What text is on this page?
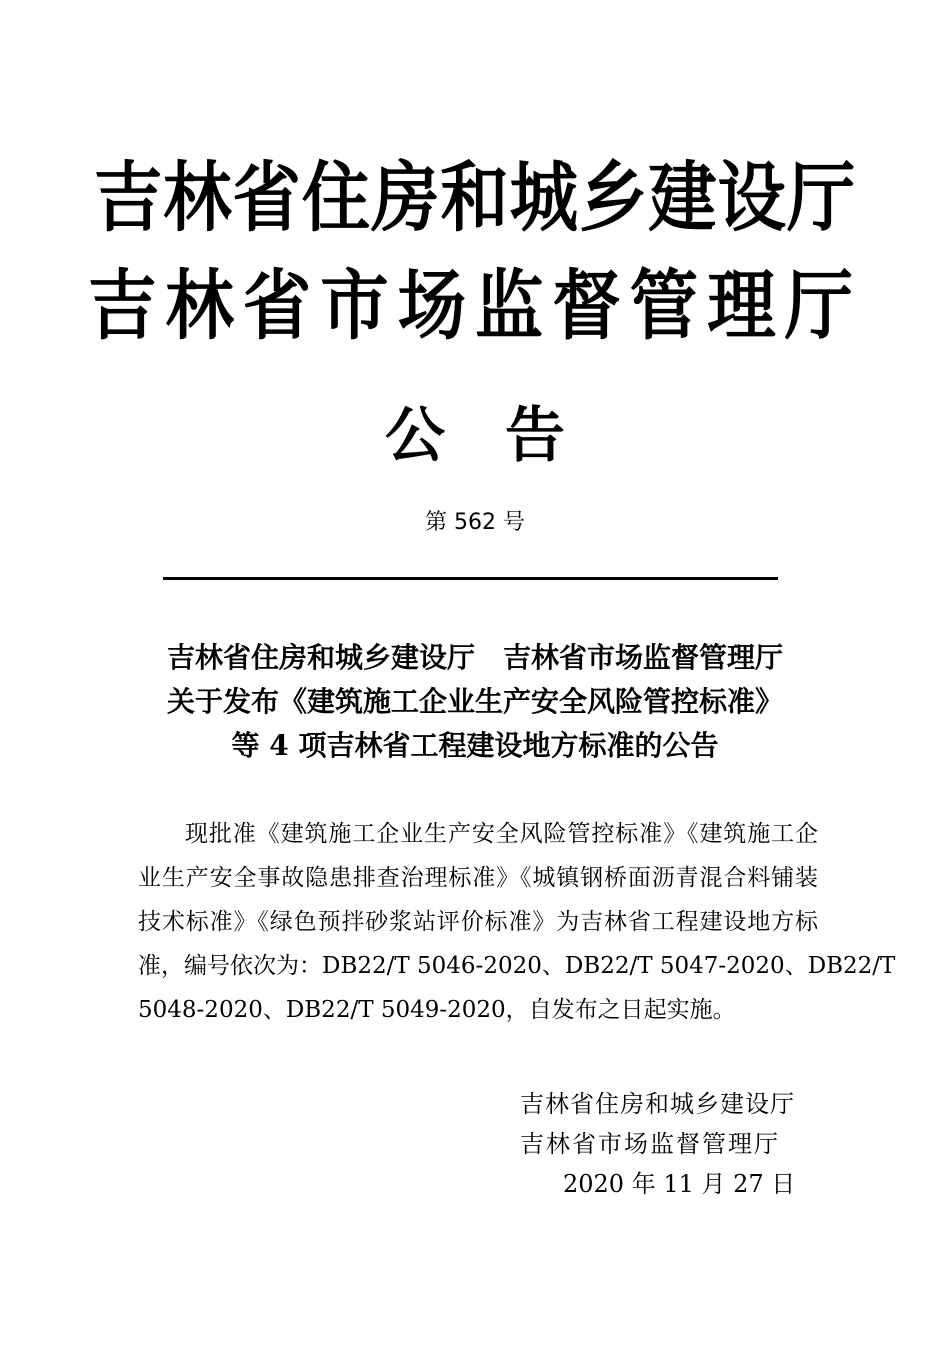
吉林省住房和城乡建设厅
吉林省市场监督管理厅
公告
第 562 号
吉林省住房和城乡建设厅　吉林省市场监督管理厅
关于发布《建筑施工企业生产安全风险管控标准》
等 4 项吉林省工程建设地方标准的公告
现批准《建筑施工企业生产安全风险管控标准》《建筑施工企
业生产安全事故隐患排查治理标准》《城镇钢桥面沥青混合料铺装
技术标准》《绿色预拌砂浆站评价标准》为吉林省工程建设地方标
准，编号依次为：DB22/T 5046-2020、DB22/T 5047-2020、DB22/T
5048-2020、DB22/T 5049-2020，自发布之日起实施。
吉林省住房和城乡建设厅
吉林省市场监督管理厅
2020 年 11 月 27 日
